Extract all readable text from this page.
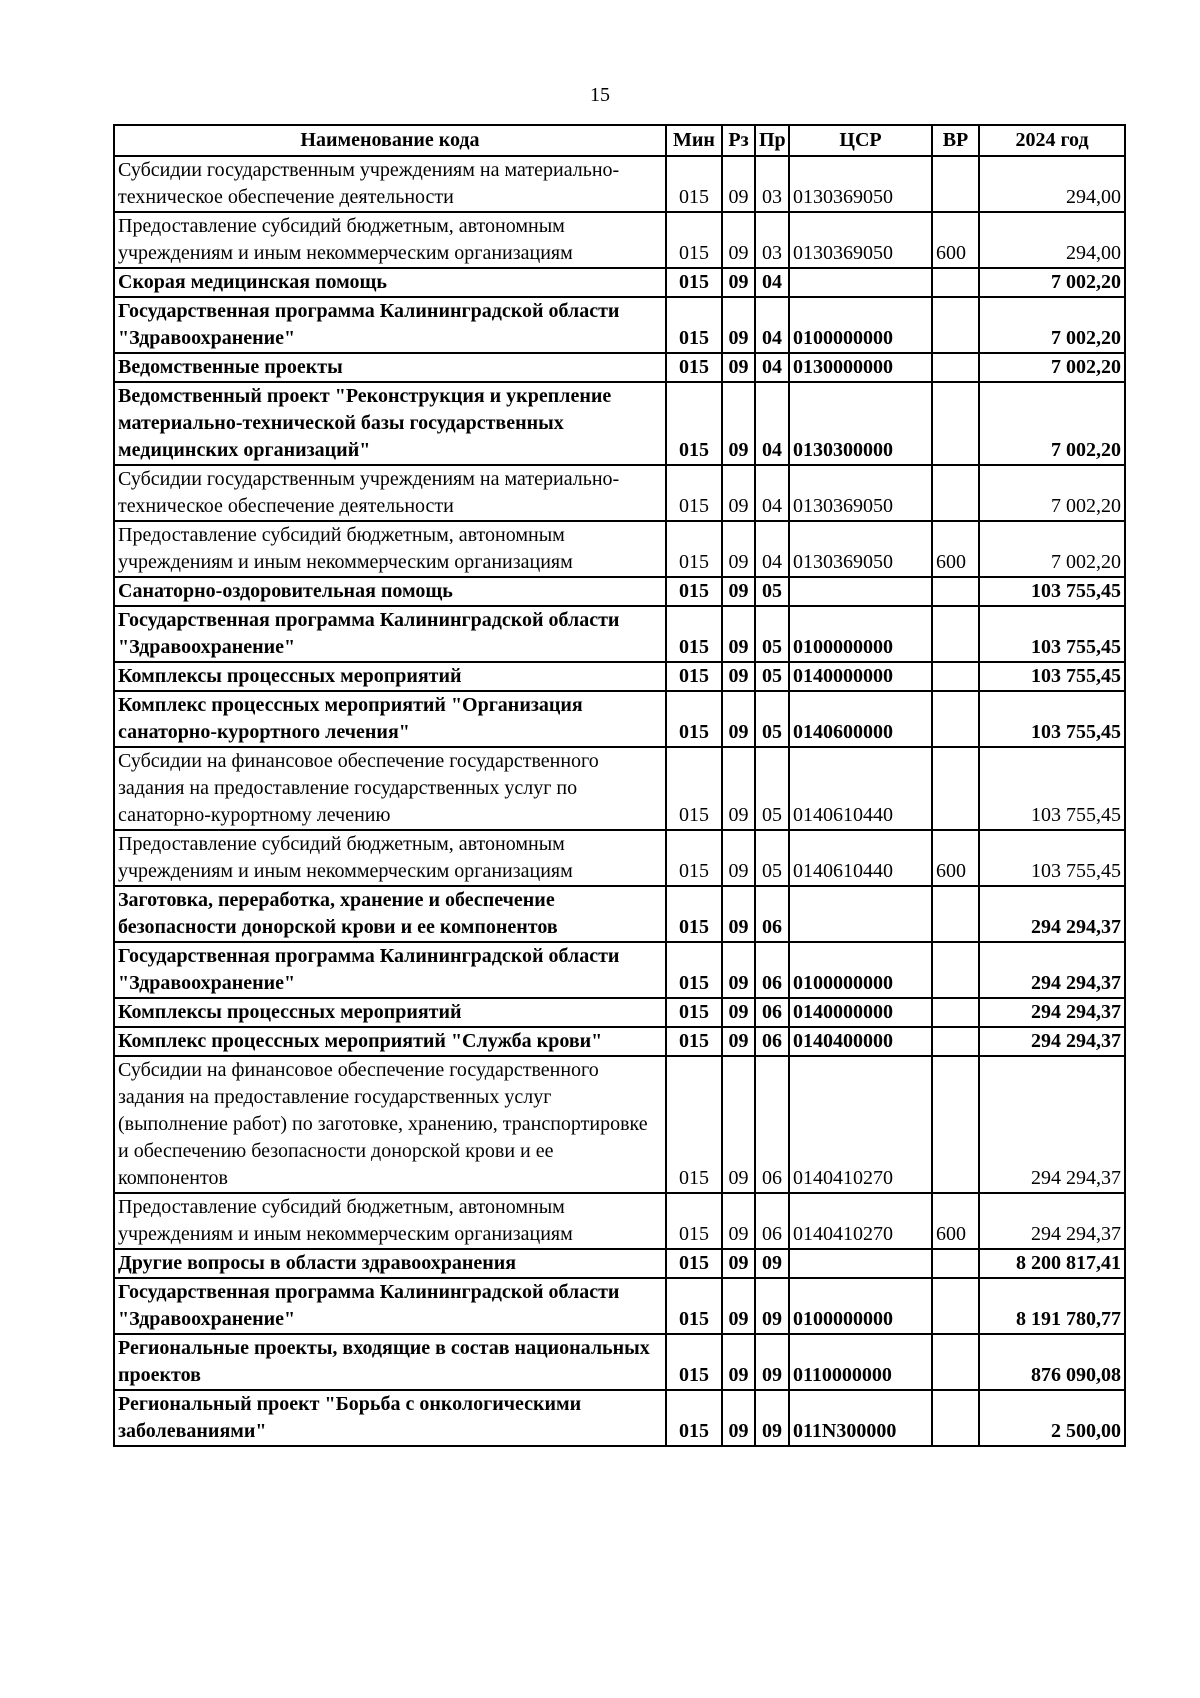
15
Наименование кода	Мин	Рз	Пр	ЦСР	ВР	2024 год
Субсидии государственным учреждениям на материально-техническое обеспечение деятельности	015	09	03	0130369050		294,00
Предоставление субсидий бюджетным, автономным учреждениям и иным некоммерческим организациям	015	09	03	0130369050	600	294,00
Скорая медицинская помощь	015	09	04			7 002,20
Государственная программа Калининградской области "Здравоохранение"	015	09	04	0100000000		7 002,20
Ведомственные проекты	015	09	04	0130000000		7 002,20
Ведомственный проект "Реконструкция и укрепление материально-технической базы государственных медицинских организаций"	015	09	04	0130300000		7 002,20
Субсидии государственным учреждениям на материально-техническое обеспечение деятельности	015	09	04	0130369050		7 002,20
Предоставление субсидий бюджетным, автономным учреждениям и иным некоммерческим организациям	015	09	04	0130369050	600	7 002,20
Санаторно-оздоровительная помощь	015	09	05			103 755,45
Государственная программа Калининградской области "Здравоохранение"	015	09	05	0100000000		103 755,45
Комплексы процессных мероприятий	015	09	05	0140000000		103 755,45
Комплекс процессных мероприятий "Организация санаторно-курортного лечения"	015	09	05	0140600000		103 755,45
Субсидии на финансовое обеспечение государственного задания на предоставление государственных услуг по санаторно-курортному лечению	015	09	05	0140610440		103 755,45
Предоставление субсидий бюджетным, автономным учреждениям и иным некоммерческим организациям	015	09	05	0140610440	600	103 755,45
Заготовка, переработка, хранение и обеспечение безопасности донорской крови и ее компонентов	015	09	06			294 294,37
Государственная программа Калининградской области "Здравоохранение"	015	09	06	0100000000		294 294,37
Комплексы процессных мероприятий	015	09	06	0140000000		294 294,37
Комплекс процессных мероприятий "Служба крови"	015	09	06	0140400000		294 294,37
Субсидии на финансовое обеспечение государственного задания на предоставление государственных услуг (выполнение работ) по заготовке, хранению, транспортировке и обеспечению безопасности донорской крови и ее компонентов	015	09	06	0140410270		294 294,37
Предоставление субсидий бюджетным, автономным учреждениям и иным некоммерческим организациям	015	09	06	0140410270	600	294 294,37
Другие вопросы в области здравоохранения	015	09	09			8 200 817,41
Государственная программа Калининградской области "Здравоохранение"	015	09	09	0100000000		8 191 780,77
Региональные проекты, входящие в состав национальных проектов	015	09	09	0110000000		876 090,08
Региональный проект "Борьба с онкологическими заболеваниями"	015	09	09	011N300000		2 500,00
